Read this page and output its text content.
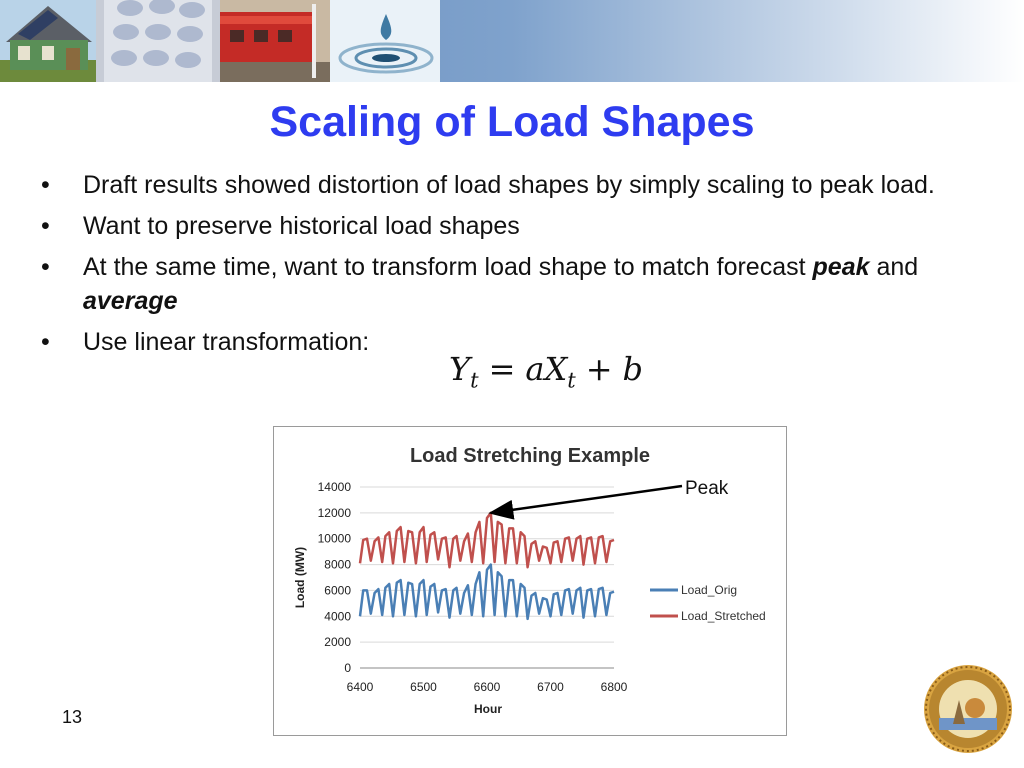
Scaling of Load Shapes
• Draft results showed distortion of load shapes by simply scaling to peak load.
• Want to preserve historical load shapes
• At the same time, want to transform load shape to match forecast peak and average
• Use linear transformation:
$Y_t = aX_t + b$
Load Stretching Example
0
2000
4000
6000
8000
10000
12000
14000
6400	6500	6600	6700	6800
Load (MW)
Hour
Load_Orig
Load_Stretched
Peak
13
